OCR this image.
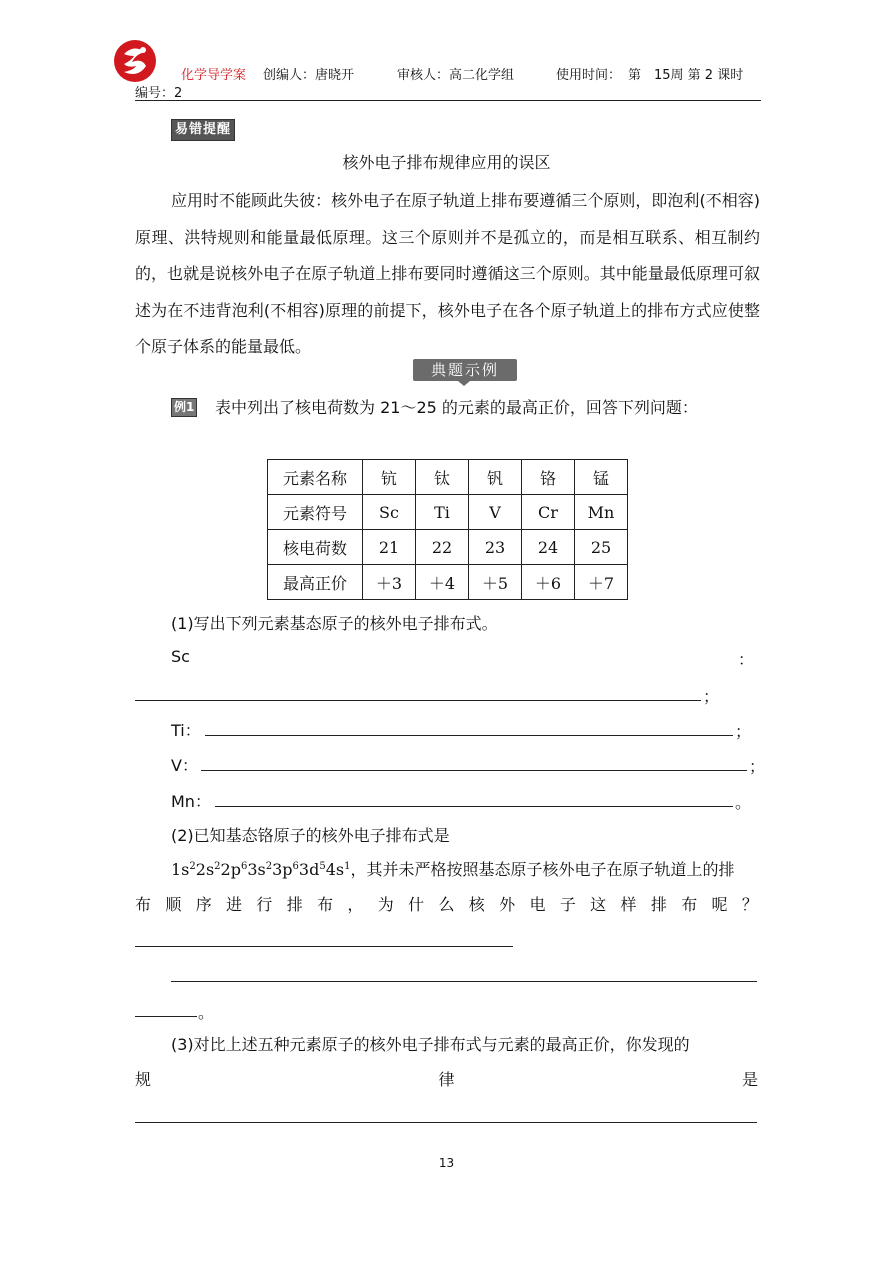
化学导学案 创编人：唐晓开	审核人：高二化学组	使用时间： 第　15周 第 2 课时
编号：2
易错提醒
核外电子排布规律应用的误区
应用时不能顾此失彼：核外电子在原子轨道上排布要遵循三个原则，即泡利(不相容)原理、洪特规则和能量最低原理。这三个原则并不是孤立的，而是相互联系、相互制约的，也就是说核外电子在原子轨道上排布要同时遵循这三个原则。其中能量最低原理可叙述为在不违背泡利(不相容)原理的前提下，核外电子在各个原子轨道上的排布方式应使整个原子体系的能量最低。
典题示例
例1 表中列出了核电荷数为 21～25 的元素的最高正价，回答下列问题：
元素名称	钪	钛	钒	铬	锰
元素符号	Sc	Ti	V	Cr	Mn
核电荷数	21	22	23	24	25
最高正价	＋3	＋4	＋5	＋6	＋7
(1)写出下列元素基态原子的核外电子排布式。
Sc	：
；
Ti：	；
V：	；
Mn：	。
(2)已知基态铬原子的核外电子排布式是
$1s^22s^22p^63s^23p^63d^54s^1$，其并未严格按照基态原子核外电子在原子轨道上的排
布 顺 序 进 行 排 布 ， 为 什 么 核 外 电 子 这 样 排 布 呢 ？
。
(3)对比上述五种元素原子的核外电子排布式与元素的最高正价，你发现的
规	律	是
13
